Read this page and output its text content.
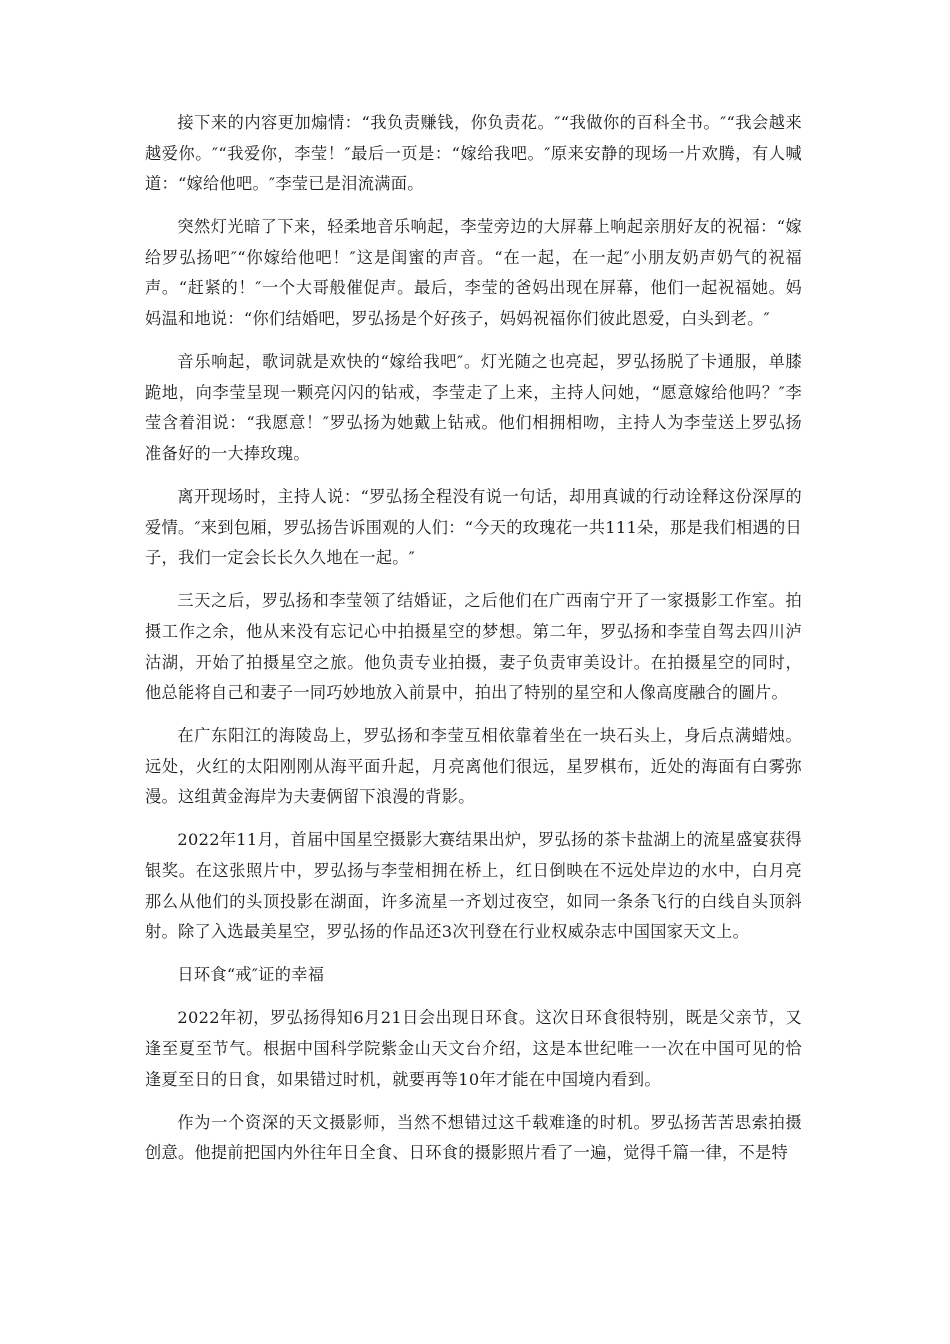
接下来的内容更加煽情：“我负责赚钱，你负责花。″“我做你的百科全书。″“我会越来越爱你。″“我爱你，李莹！″最后一页是：“嫁给我吧。″原来安静的现场一片欢腾，有人喊道：“嫁给他吧。″李莹已是泪流满面。

突然灯光暗了下来，轻柔地音乐响起，李莹旁边的大屏幕上响起亲朋好友的祝福：“嫁给罗弘扬吧″“你嫁给他吧！″这是闺蜜的声音。“在一起，在一起″小朋友奶声奶气的祝福声。“赶紧的！″一个大哥般催促声。最后，李莹的爸妈出现在屏幕，他们一起祝福她。妈妈温和地说：“你们结婚吧，罗弘扬是个好孩子，妈妈祝福你们彼此恩爱，白头到老。″

音乐响起，歌词就是欢快的“嫁给我吧″。灯光随之也亮起，罗弘扬脱了卡通服，单膝跪地，向李莹呈现一颗亮闪闪的钻戒，李莹走了上来，主持人问她，“愿意嫁给他吗？″李莹含着泪说：“我愿意！″罗弘扬为她戴上钻戒。他们相拥相吻，主持人为李莹送上罗弘扬准备好的一大捧玫瑰。

离开现场时，主持人说：“罗弘扬全程没有说一句话，却用真诚的行动诠释这份深厚的爱情。″来到包厢，罗弘扬告诉围观的人们：“今天的玫瑰花一共111朵，那是我们相遇的日子，我们一定会长长久久地在一起。″

三天之后，罗弘扬和李莹领了结婚证，之后他们在广西南宁开了一家摄影工作室。拍摄工作之余，他从来没有忘记心中拍摄星空的梦想。第二年，罗弘扬和李莹自驾去四川泸沽湖，开始了拍摄星空之旅。他负责专业拍摄，妻子负责审美设计。在拍摄星空的同时，他总能将自己和妻子一同巧妙地放入前景中，拍出了特别的星空和人像高度融合的圖片。

在广东阳江的海陵岛上，罗弘扬和李莹互相依靠着坐在一块石头上，身后点满蜡烛。远处，火红的太阳刚刚从海平面升起，月亮离他们很远，星罗棋布，近处的海面有白雾弥漫。这组黄金海岸为夫妻俩留下浪漫的背影。

2022年11月，首届中国星空摄影大赛结果出炉，罗弘扬的茶卡盐湖上的流星盛宴获得银奖。在这张照片中，罗弘扬与李莹相拥在桥上，红日倒映在不远处岸边的水中，白月亮那么从他们的头顶投影在湖面，许多流星一齐划过夜空，如同一条条飞行的白线自头顶斜射。除了入选最美星空，罗弘扬的作品还3次刊登在行业权威杂志中国国家天文上。

日环食“戒″证的幸福

2022年初，罗弘扬得知6月21日会出现日环食。这次日环食很特别，既是父亲节，又逢至夏至节气。根据中国科学院紫金山天文台介绍，这是本世纪唯一一次在中国可见的恰逢夏至日的日食，如果错过时机，就要再等10年才能在中国境内看到。

作为一个资深的天文摄影师，当然不想错过这千载难逢的时机。罗弘扬苦苦思索拍摄创意。他提前把国内外往年日全食、日环食的摄影照片看了一遍，觉得千篇一律，不是特
